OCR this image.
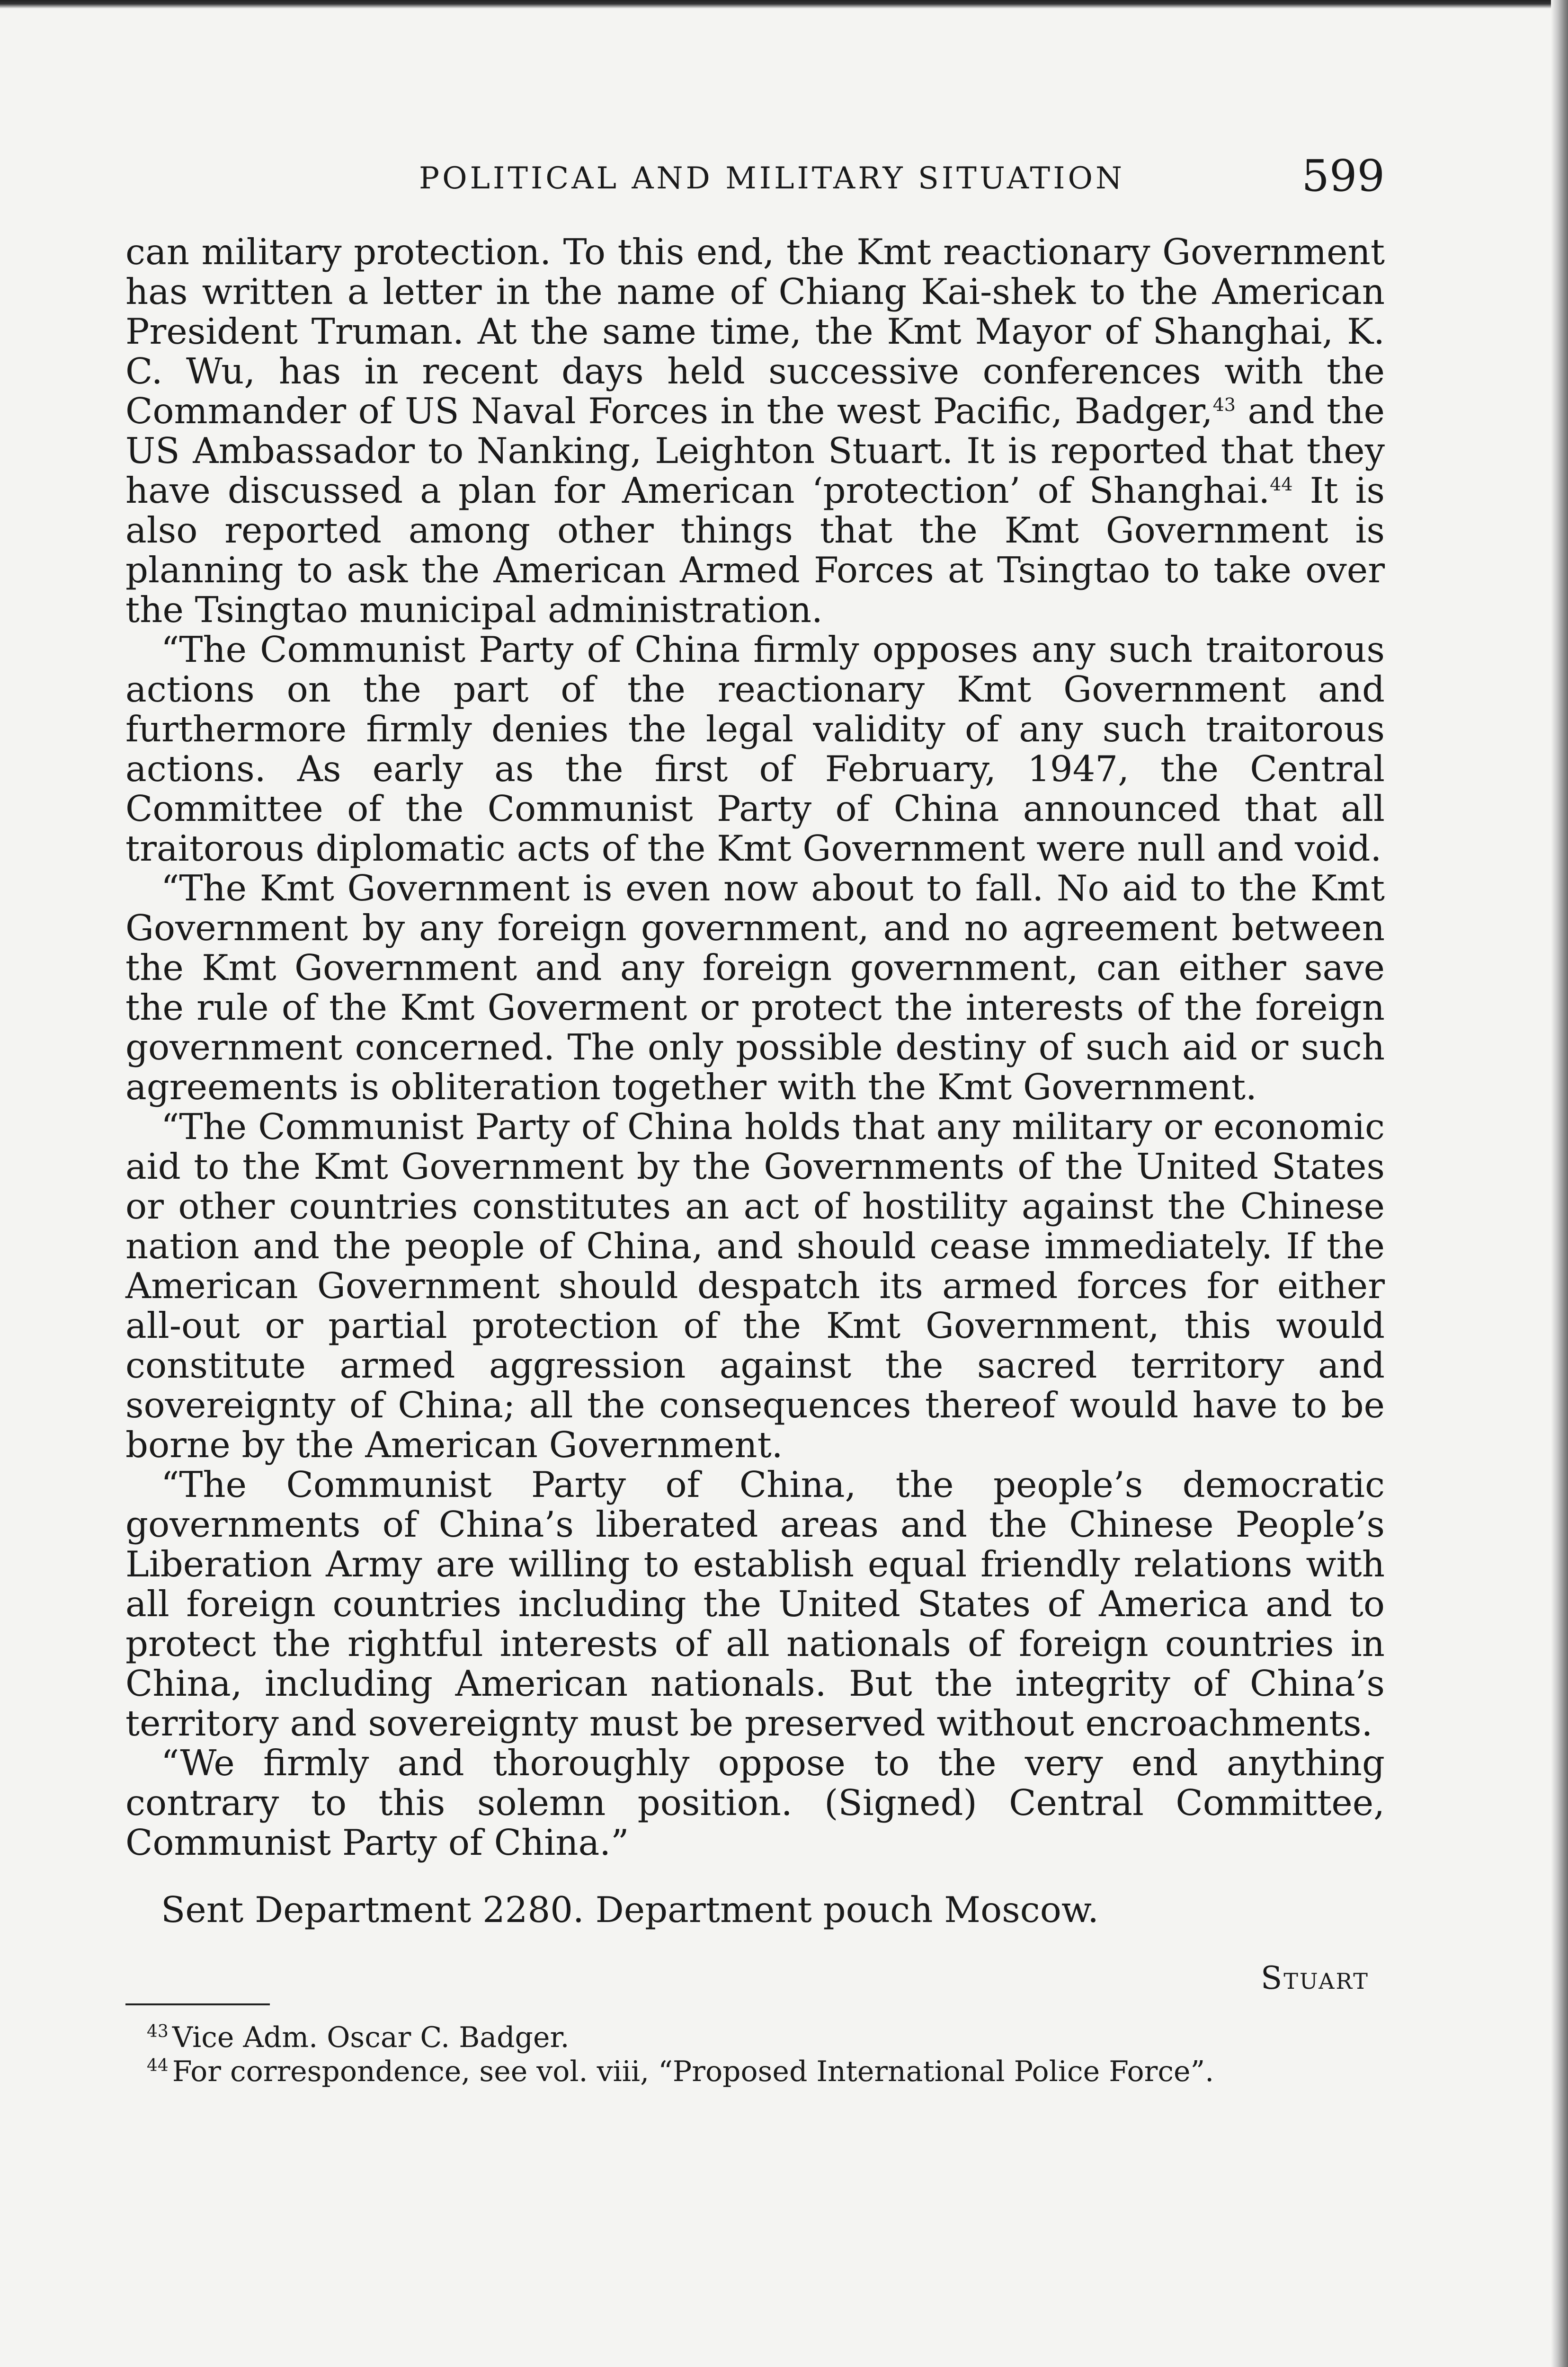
POLITICAL AND MILITARY SITUATION	599

can military protection. To this end, the Kmt reactionary Government has written a letter in the name of Chiang Kai-shek to the American President Truman. At the same time, the Kmt Mayor of Shanghai, K. C. Wu, has in recent days held successive conferences with the Commander of US Naval Forces in the west Pacific, Badger,$^{43}$ and the US Ambassador to Nanking, Leighton Stuart. It is reported that they have discussed a plan for American ‘protection’ of Shanghai.$^{44}$ It is also reported among other things that the Kmt Government is planning to ask the American Armed Forces at Tsingtao to take over the Tsingtao municipal administration.

“The Communist Party of China firmly opposes any such traitorous actions on the part of the reactionary Kmt Government and furthermore firmly denies the legal validity of any such traitorous actions. As early as the first of February, 1947, the Central Committee of the Communist Party of China announced that all traitorous diplomatic acts of the Kmt Government were null and void.

“The Kmt Government is even now about to fall. No aid to the Kmt Government by any foreign government, and no agreement between the Kmt Government and any foreign government, can either save the rule of the Kmt Goverment or protect the interests of the foreign government concerned. The only possible destiny of such aid or such agreements is obliteration together with the Kmt Government.

“The Communist Party of China holds that any military or economic aid to the Kmt Government by the Governments of the United States or other countries constitutes an act of hostility against the Chinese nation and the people of China, and should cease immediately. If the American Government should despatch its armed forces for either all-out or partial protection of the Kmt Government, this would constitute armed aggression against the sacred territory and sovereignty of China; all the consequences thereof would have to be borne by the American Government.

“The Communist Party of China, the people’s democratic governments of China’s liberated areas and the Chinese People’s Liberation Army are willing to establish equal friendly relations with all foreign countries including the United States of America and to protect the rightful interests of all nationals of foreign countries in China, including American nationals. But the integrity of China’s territory and sovereignty must be preserved without encroachments.

“We firmly and thoroughly oppose to the very end anything contrary to this solemn position. (Signed) Central Committee, Communist Party of China.”

Sent Department 2280. Department pouch Moscow.
Stuart

$^{43}$ Vice Adm. Oscar C. Badger.

$^{44}$ For correspondence, see vol. viii, “Proposed International Police Force”.
